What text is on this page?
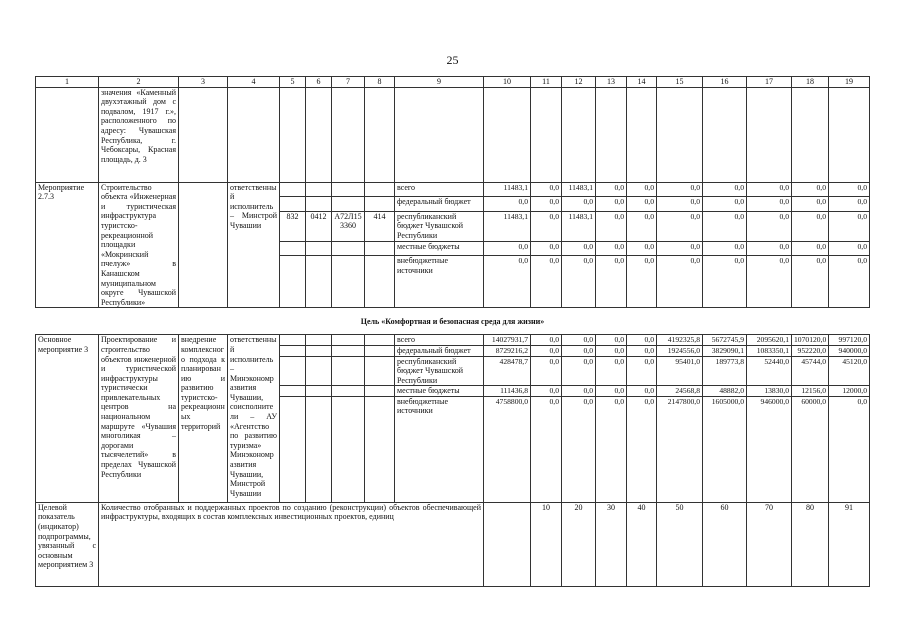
25
1	2	3	4	5	6	7	8	9	10	11	12	13	14	15	16	17	18	19
	значения «Каменный двухэтажный дом с подвалом, 1917 г.», расположенного по адресу: Чувашская Республика, г. Чебоксары, Красная площадь, д. 3																	
Мероприятие 2.7.3	Строительство объекта «Инженерная и туристическая инфраструктура туристско-рекреационной площадки «Мокринский пчелуж» в Канашском муниципальном округе Чувашской Республики»		ответственный исполнитель – Минстрой Чувашии					всего	11483,1	0,0	11483,1	0,0	0,0	0,0	0,0	0,0	0,0	0,0
								федеральный бюджет	0,0	0,0	0,0	0,0	0,0	0,0	0,0	0,0	0,0	0,0
				832	0412	А72Л15 3360	414	республиканский бюджет Чувашской Республики	11483,1	0,0	11483,1	0,0	0,0	0,0	0,0	0,0	0,0	0,0
								местные бюджеты	0,0	0,0	0,0	0,0	0,0	0,0	0,0	0,0	0,0	0,0
								внебюджетные источники	0,0	0,0	0,0	0,0	0,0	0,0	0,0	0,0	0,0	0,0
Цель «Комфортная и безопасная среда для жизни»																		
Основное мероприятие 3	Проектирование и строительство объектов инженерной и туристической инфраструктуры туристически привлекательных центров на национальном маршруте «Чувашия многоликая – дорогами тысячелетий» в пределах Чувашской Республики	внедрение комплексного подхода к планированию и развитию туристско-рекреационных территорий	ответственный исполнитель – Минэкономразвития Чувашии, соисполнители – АУ «Агентство по развитию туризма» Минэкономразвития Чувашии, Минстрой Чувашии					всего	14027931,7	0,0	0,0	0,0	0,0	4192325,8	5672745,9	2095620,1	1070120,0	997120,0
								федеральный бюджет	8729216,2	0,0	0,0	0,0	0,0	1924556,0	3829090,1	1083350,1	952220,0	940000,0
								республиканский бюджет Чувашской Республики	428478,7	0,0	0,0	0,0	0,0	95401,0	189773,8	52440,0	45744,0	45120,0
								местные бюджеты	111436,8	0,0	0,0	0,0	0,0	24568,8	48882,0	13830,0	12156,0	12000,0
								внебюджетные источники	4758800,0	0,0	0,0	0,0	0,0	2147800,0	1605000,0	946000,0	60000,0	0,0
Целевой показатель (индикатор) подпрограммы, увязанный с основным мероприятием 3	Количество отобранных и поддержанных проектов по созданию (реконструкции) объектов обеспечивающей инфраструктуры, входящих в состав комплексных инвестиционных проектов, единиц									10	20	30	40	50	60	70	80	91
